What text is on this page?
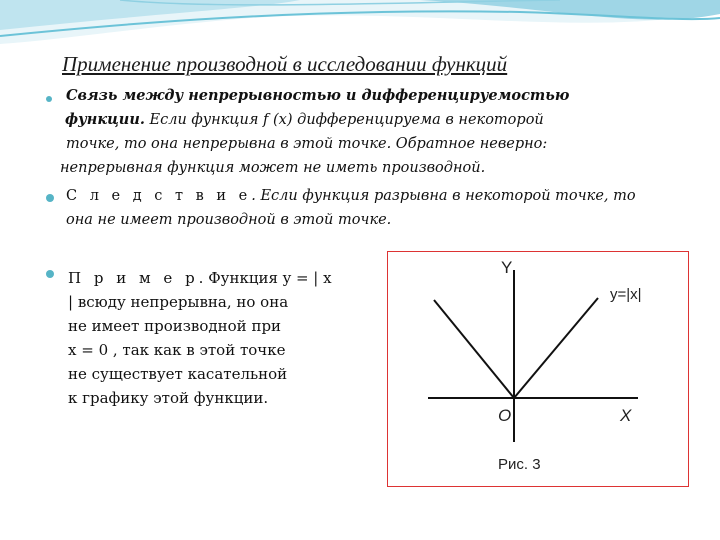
Применение производной в исследовании функций
Связь между непрерывностью и дифференцируемостью
функции. Если функция f (x) дифференцируема в некоторой
точке, то она непрерывна в этой точке. Обратное неверно:
непрерывная функция может не иметь производной.
С л е д с т в и е. Если функция разрывна в некоторой точке, то
она не имеет производной в этой точке.
П р и м е р. Функция y = | x
| всюду непрерывна, но она
не имеет производной при
x = 0 , так как в этой точке
не существует касательной
к графику этой функции.
Y
y=|x|
O	X
Рис. 3
